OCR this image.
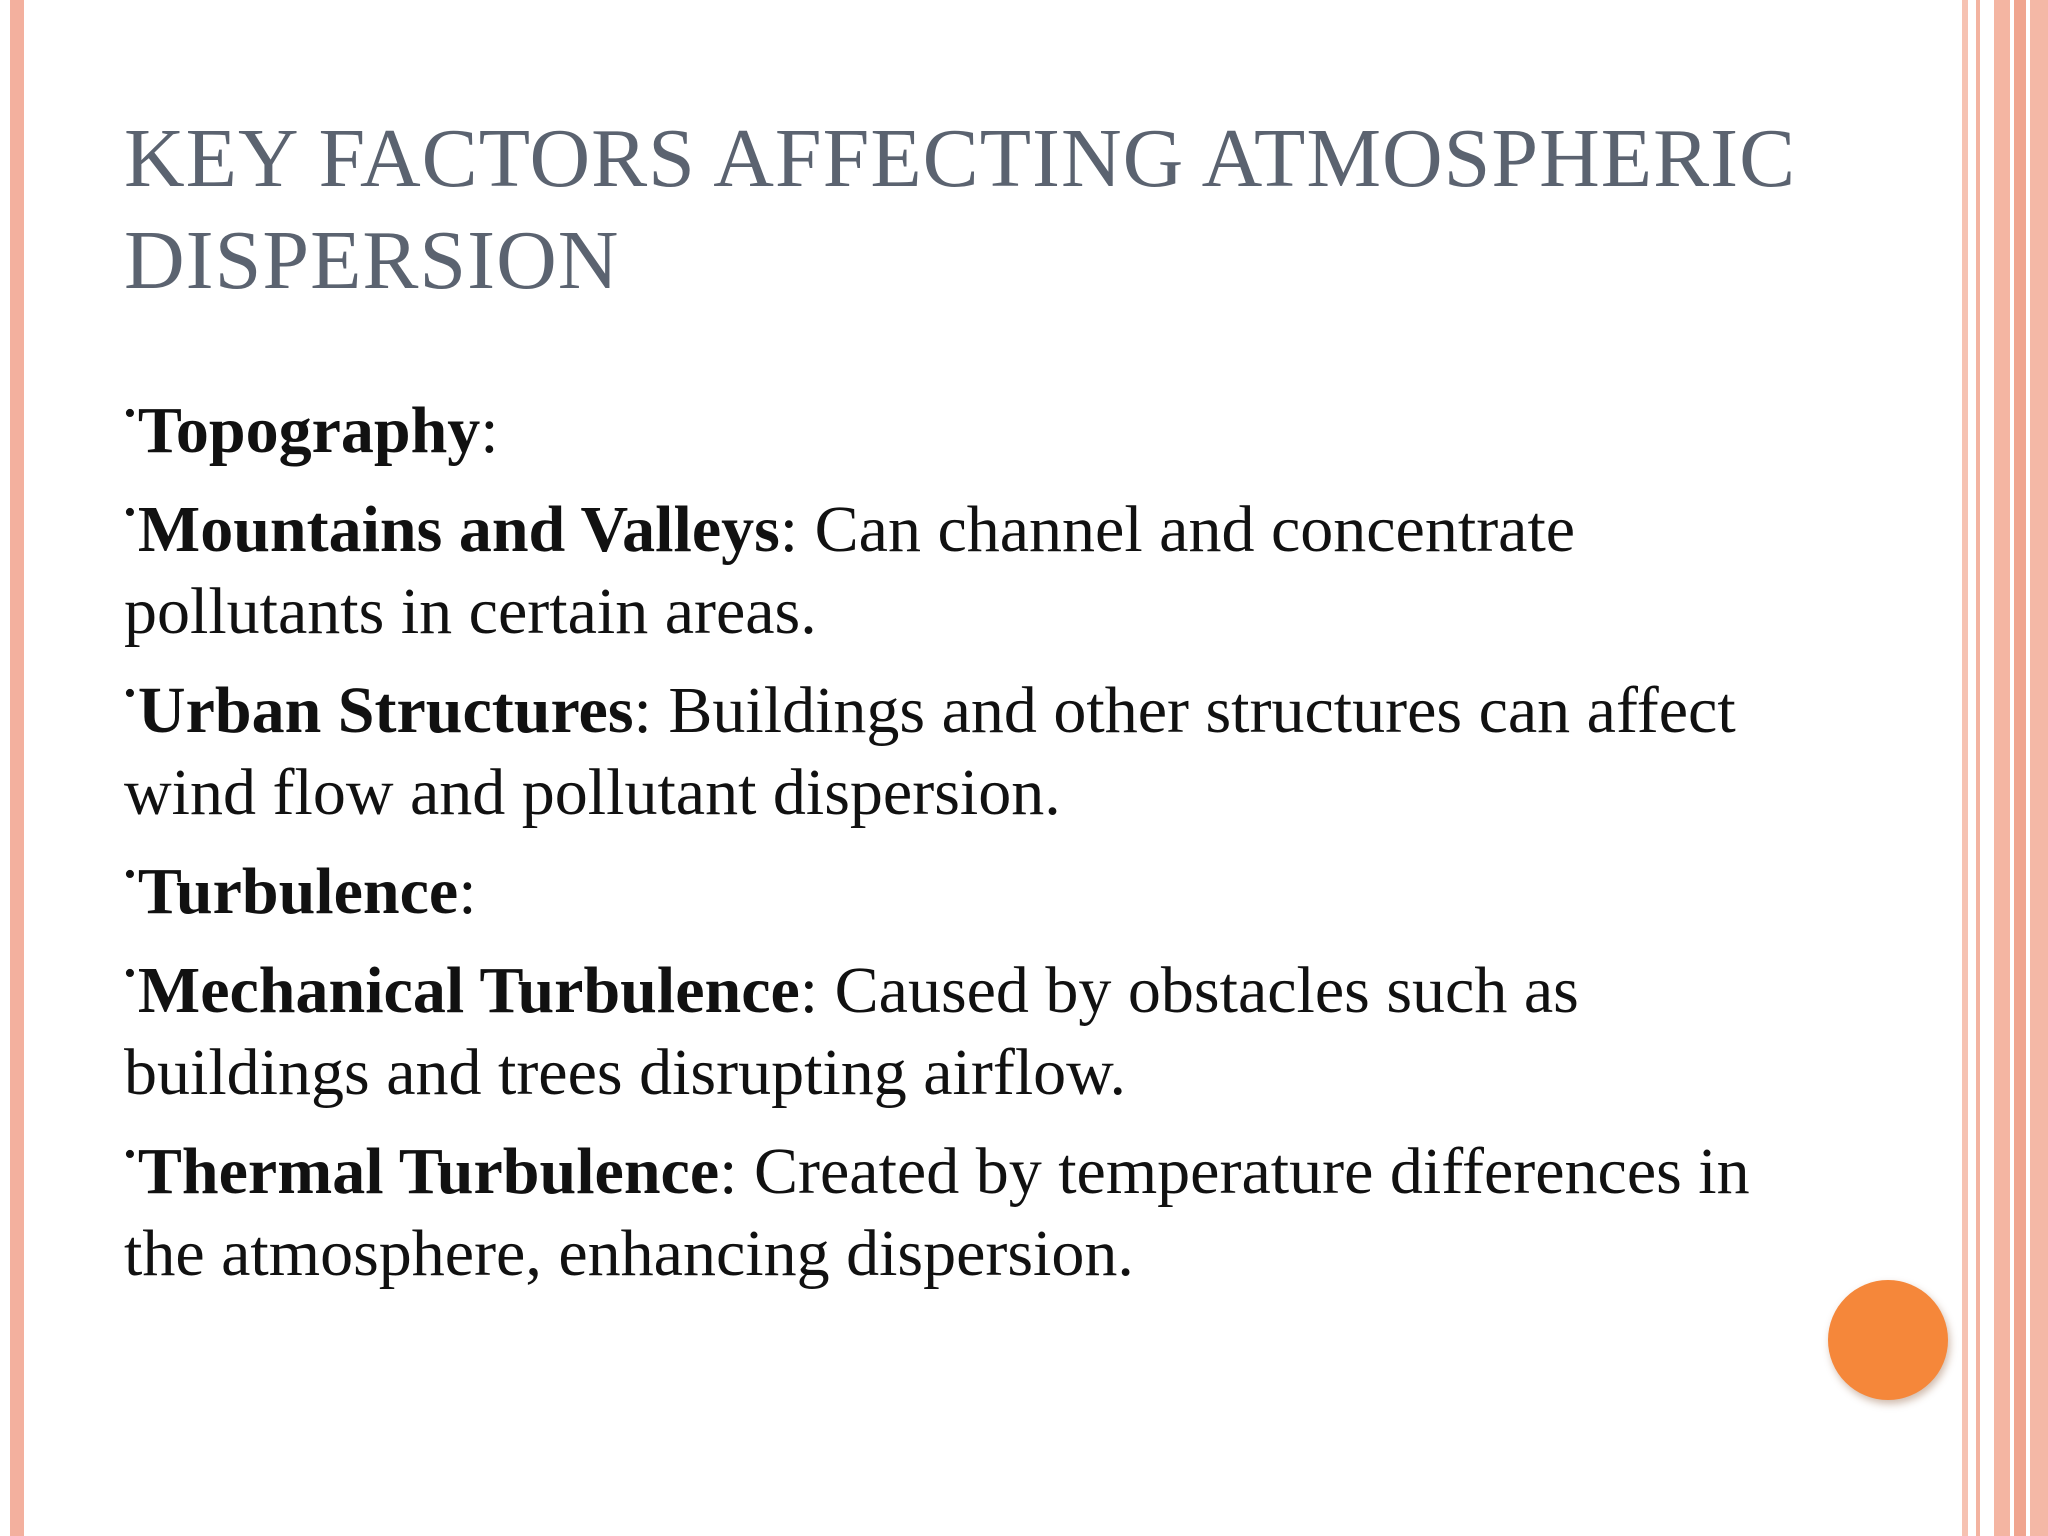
KEY FACTORS AFFECTING ATMOSPHERIC DISPERSION

•Topography:

•Mountains and Valleys: Can channel and concentrate pollutants in certain areas.

•Urban Structures: Buildings and other structures can affect wind flow and pollutant dispersion.

•Turbulence:

•Mechanical Turbulence: Caused by obstacles such as buildings and trees disrupting airflow.

•Thermal Turbulence: Created by temperature differences in the atmosphere, enhancing dispersion.
